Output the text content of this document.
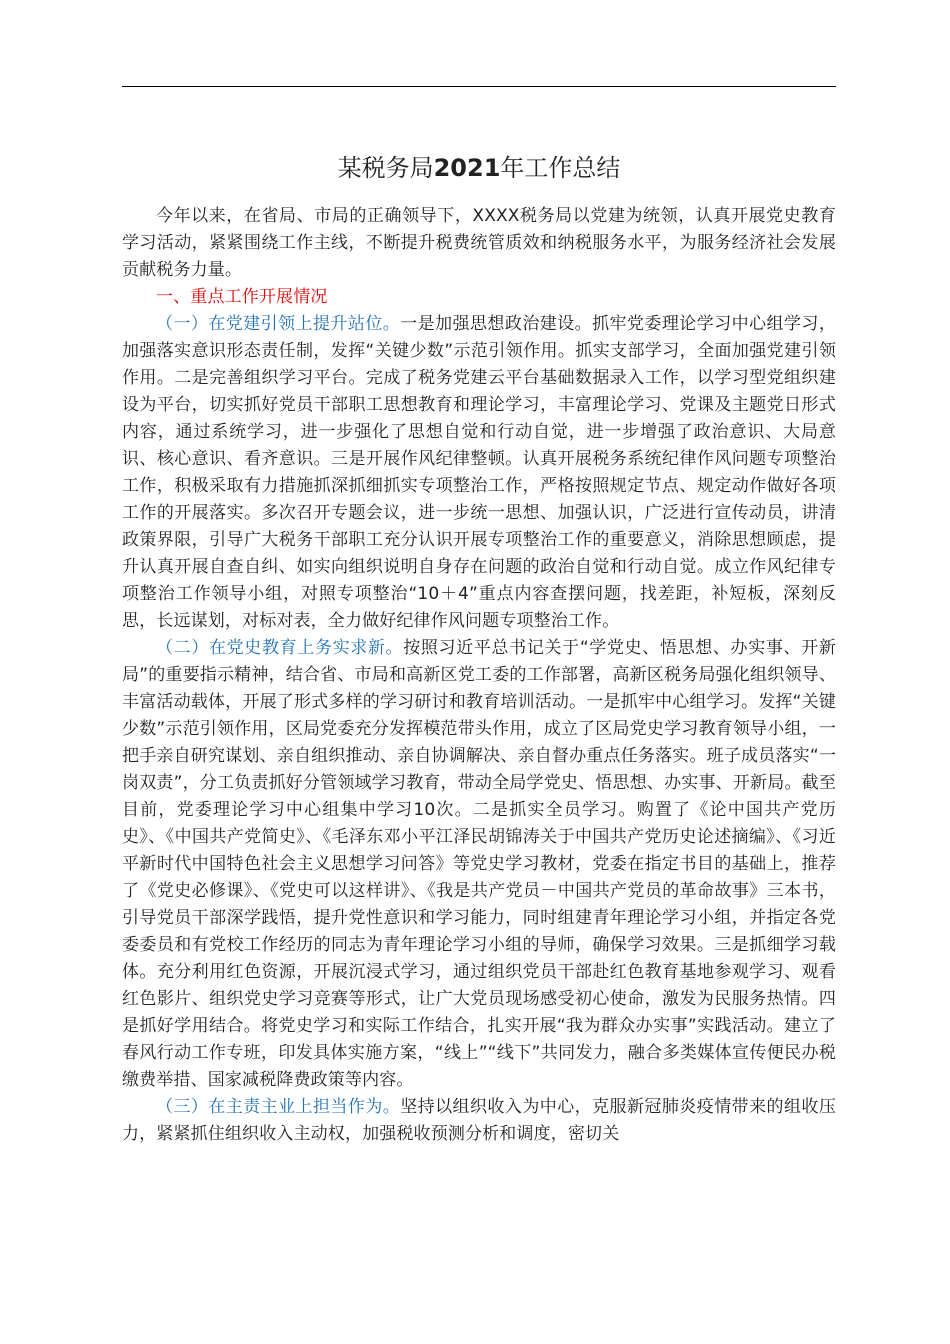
某税务局2021年工作总结

今年以来，在省局、市局的正确领导下，XXXX税务局以党建为统领，认真开展党史教育学习活动，紧紧围绕工作主线，不断提升税费统管质效和纳税服务水平，为服务经济社会发展贡献税务力量。

一、重点工作开展情况

（一）在党建引领上提升站位。一是加强思想政治建设。抓牢党委理论学习中心组学习，加强落实意识形态责任制，发挥“关键少数”示范引领作用。抓实支部学习，全面加强党建引领作用。二是完善组织学习平台。完成了税务党建云平台基础数据录入工作，以学习型党组织建设为平台，切实抓好党员干部职工思想教育和理论学习，丰富理论学习、党课及主题党日形式内容，通过系统学习，进一步强化了思想自觉和行动自觉，进一步增强了政治意识、大局意识、核心意识、看齐意识。三是开展作风纪律整顿。认真开展税务系统纪律作风问题专项整治工作，积极采取有力措施抓深抓细抓实专项整治工作，严格按照规定节点、规定动作做好各项工作的开展落实。多次召开专题会议，进一步统一思想、加强认识，广泛进行宣传动员，讲清政策界限，引导广大税务干部职工充分认识开展专项整治工作的重要意义，消除思想顾虑，提升认真开展自查自纠、如实向组织说明自身存在问题的政治自觉和行动自觉。成立作风纪律专项整治工作领导小组，对照专项整治“10＋4”重点内容查摆问题，找差距，补短板，深刻反思，长远谋划，对标对表，全力做好纪律作风问题专项整治工作。

（二）在党史教育上务实求新。按照习近平总书记关于“学党史、悟思想、办实事、开新局”的重要指示精神，结合省、市局和高新区党工委的工作部署，高新区税务局强化组织领导、丰富活动载体，开展了形式多样的学习研讨和教育培训活动。一是抓牢中心组学习。发挥“关键少数”示范引领作用，区局党委充分发挥模范带头作用，成立了区局党史学习教育领导小组，一把手亲自研究谋划、亲自组织推动、亲自协调解决、亲自督办重点任务落实。班子成员落实“一岗双责”，分工负责抓好分管领域学习教育，带动全局学党史、悟思想、办实事、开新局。截至目前，党委理论学习中心组集中学习10次。二是抓实全员学习。购置了《论中国共产党历史》、《中国共产党简史》、《毛泽东邓小平江泽民胡锦涛关于中国共产党历史论述摘编》、《习近平新时代中国特色社会主义思想学习问答》等党史学习教材，党委在指定书目的基础上，推荐了《党史必修课》、《党史可以这样讲》、《我是共产党员－中国共产党员的革命故事》三本书，引导党员干部深学践悟，提升党性意识和学习能力，同时组建青年理论学习小组，并指定各党委委员和有党校工作经历的同志为青年理论学习小组的导师，确保学习效果。三是抓细学习载体。充分利用红色资源，开展沉浸式学习，通过组织党员干部赴红色教育基地参观学习、观看红色影片、组织党史学习竞赛等形式，让广大党员现场感受初心使命，激发为民服务热情。四是抓好学用结合。将党史学习和实际工作结合，扎实开展“我为群众办实事”实践活动。建立了春风行动工作专班，印发具体实施方案，“线上”“线下”共同发力，融合多类媒体宣传便民办税缴费举措、国家减税降费政策等内容。

（三）在主责主业上担当作为。坚持以组织收入为中心，克服新冠肺炎疫情带来的组收压力，紧紧抓住组织收入主动权，加强税收预测分析和调度，密切关
